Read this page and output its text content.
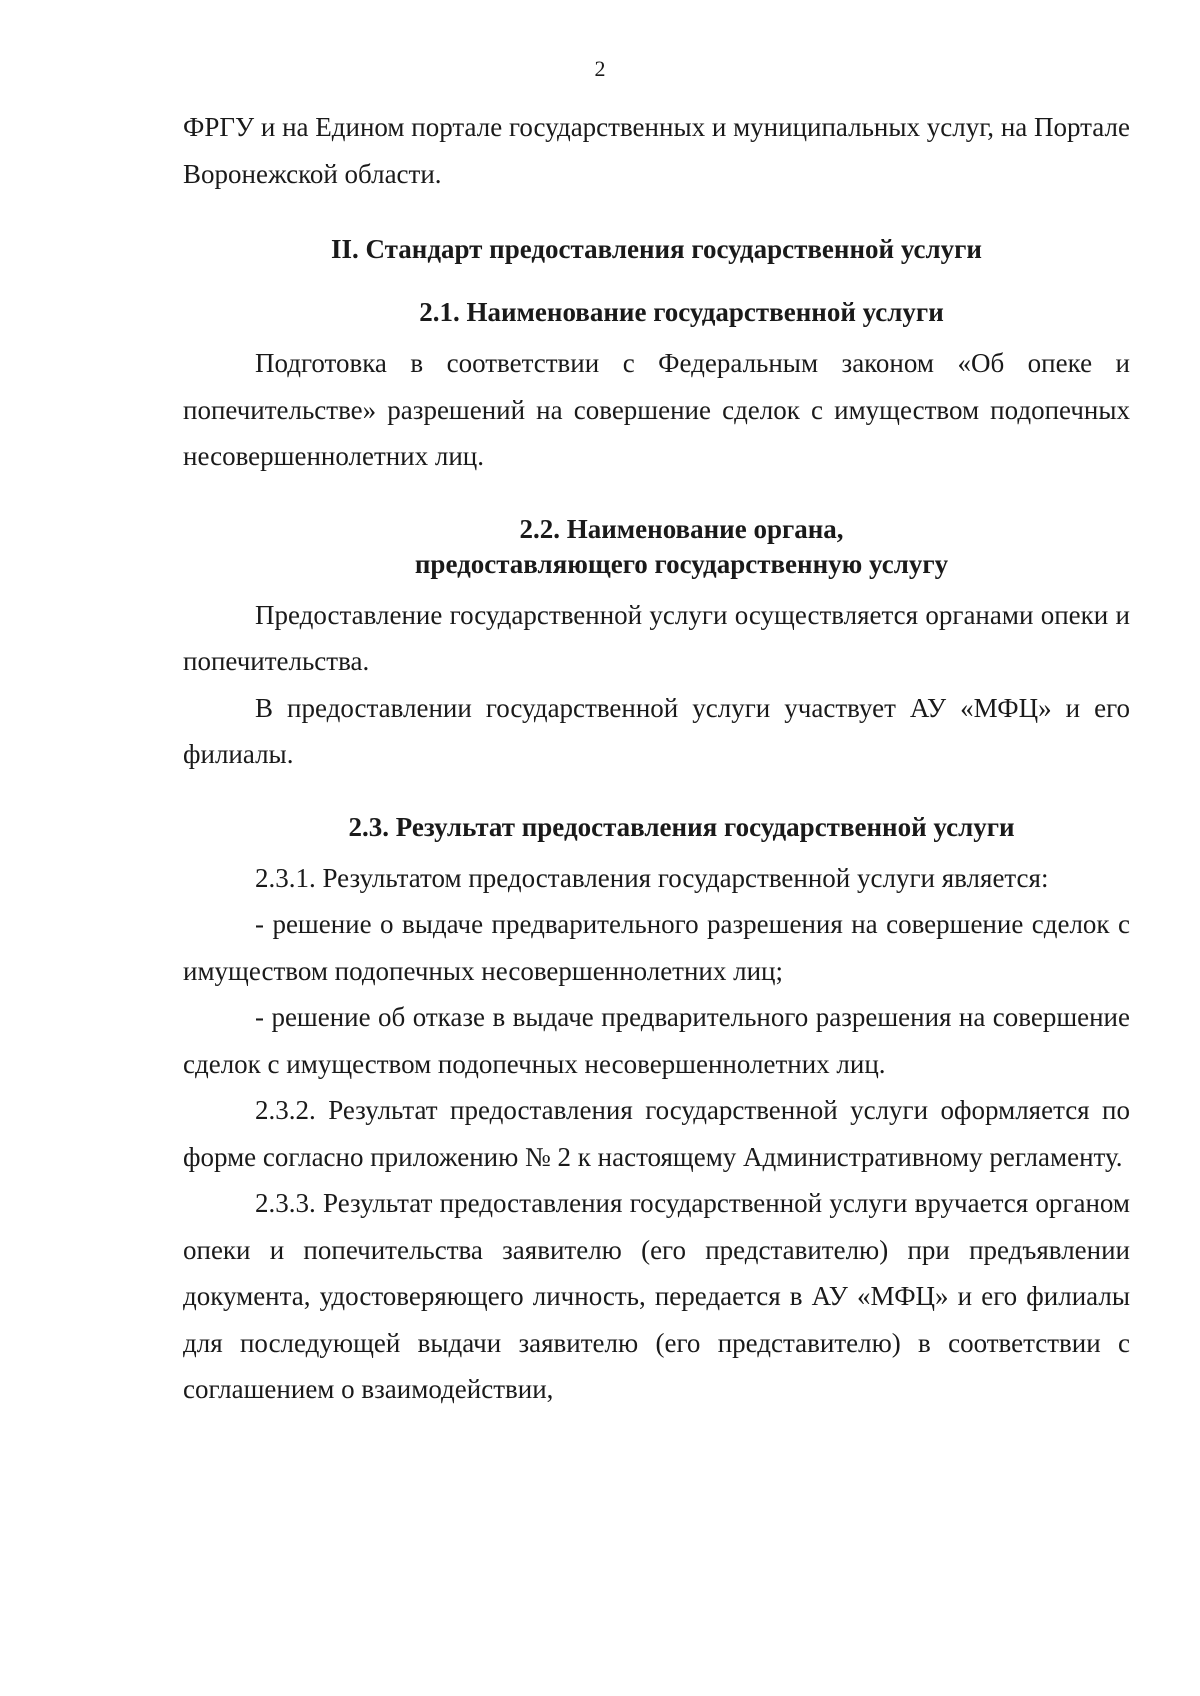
2

ФРГУ и на Едином портале государственных и муниципальных услуг, на Портале Воронежской области.

II. Стандарт предоставления государственной услуги
2.1. Наименование государственной услуги

Подготовка в соответствии с Федеральным законом «Об опеке и попечительстве» разрешений на совершение сделок с имуществом подопечных несовершеннолетних лиц.

2.2. Наименование органа,
предоставляющего государственную услугу

Предоставление государственной услуги осуществляется органами опеки и попечительства.

В предоставлении государственной услуги участвует АУ «МФЦ» и его филиалы.

2.3. Результат предоставления государственной услуги

2.3.1. Результатом предоставления государственной услуги является:

- решение о выдаче предварительного разрешения на совершение сделок с имуществом подопечных несовершеннолетних лиц;

- решение об отказе в выдаче предварительного разрешения на совершение сделок с имуществом подопечных несовершеннолетних лиц.

2.3.2. Результат предоставления государственной услуги оформляется по форме согласно приложению № 2 к настоящему Административному регламенту.

2.3.3. Результат предоставления государственной услуги вручается органом опеки и попечительства заявителю (его представителю) при предъявлении документа, удостоверяющего личность, передается в АУ «МФЦ» и его филиалы для последующей выдачи заявителю (его представителю) в соответствии с соглашением о взаимодействии,
